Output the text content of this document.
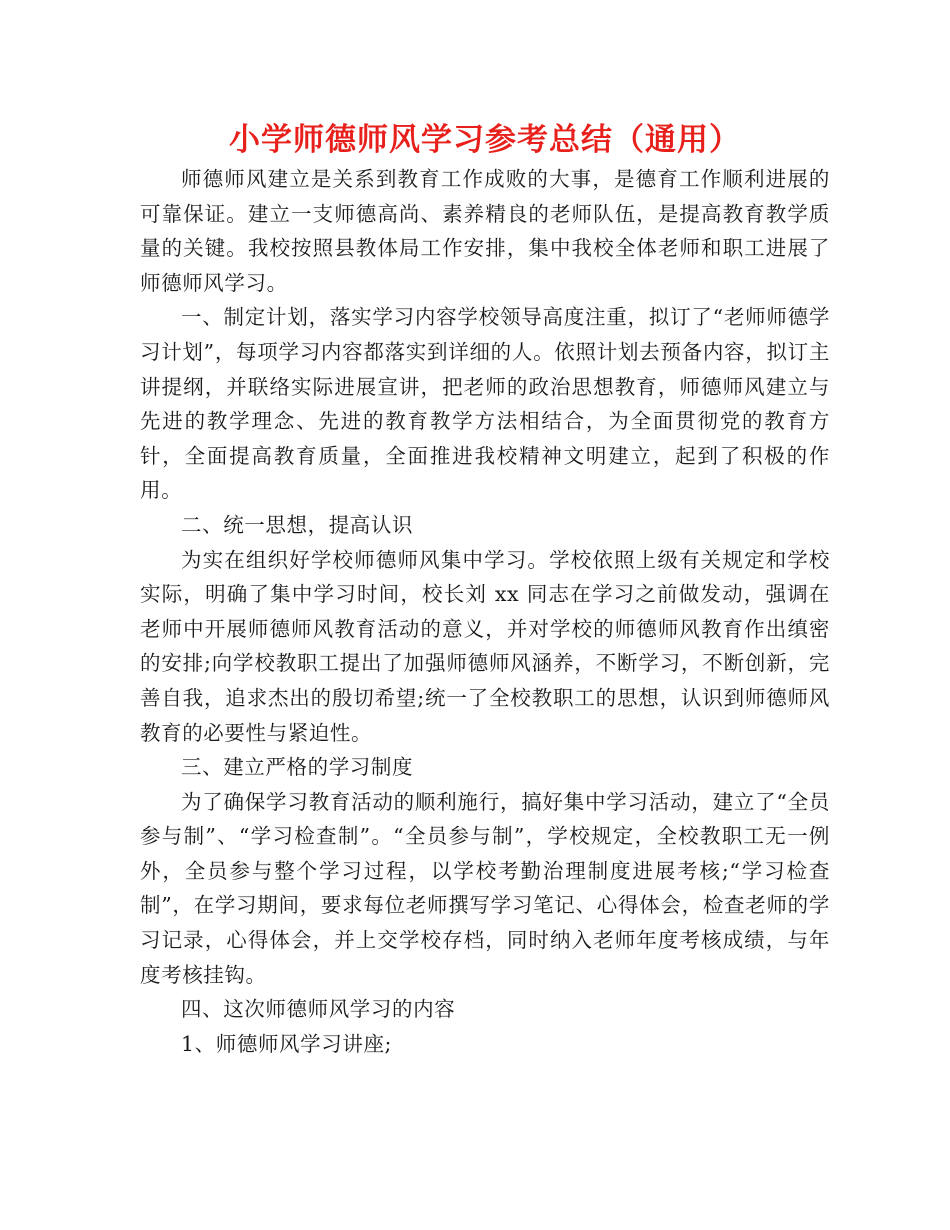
小学师德师风学习参考总结（通用）

师德师风建立是关系到教育工作成败的大事，是德育工作顺利进展的可靠保证。建立一支师德高尚、素养精良的老师队伍，是提高教育教学质量的关键。我校按照县教体局工作安排，集中我校全体老师和职工进展了师德师风学习。

一、制定计划，落实学习内容学校领导高度注重，拟订了“老师师德学习计划”，每项学习内容都落实到详细的人。依照计划去预备内容，拟订主讲提纲，并联络实际进展宣讲，把老师的政治思想教育，师德师风建立与先进的教学理念、先进的教育教学方法相结合，为全面贯彻党的教育方针，全面提高教育质量，全面推进我校精神文明建立，起到了积极的作用。

二、统一思想，提高认识

为实在组织好学校师德师风集中学习。学校依照上级有关规定和学校实际，明确了集中学习时间，校长刘 xx 同志在学习之前做发动，强调在老师中开展师德师风教育活动的意义，并对学校的师德师风教育作出缜密的安排;向学校教职工提出了加强师德师风涵养，不断学习，不断创新，完善自我，追求杰出的殷切希望;统一了全校教职工的思想，认识到师德师风教育的必要性与紧迫性。

三、建立严格的学习制度

为了确保学习教育活动的顺利施行，搞好集中学习活动，建立了“全员参与制”、“学习检查制”。“全员参与制”，学校规定，全校教职工无一例外，全员参与整个学习过程，以学校考勤治理制度进展考核;“学习检查制”，在学习期间，要求每位老师撰写学习笔记、心得体会，检查老师的学习记录，心得体会，并上交学校存档，同时纳入老师年度考核成绩，与年度考核挂钩。

四、这次师德师风学习的内容

1、师德师风学习讲座;
